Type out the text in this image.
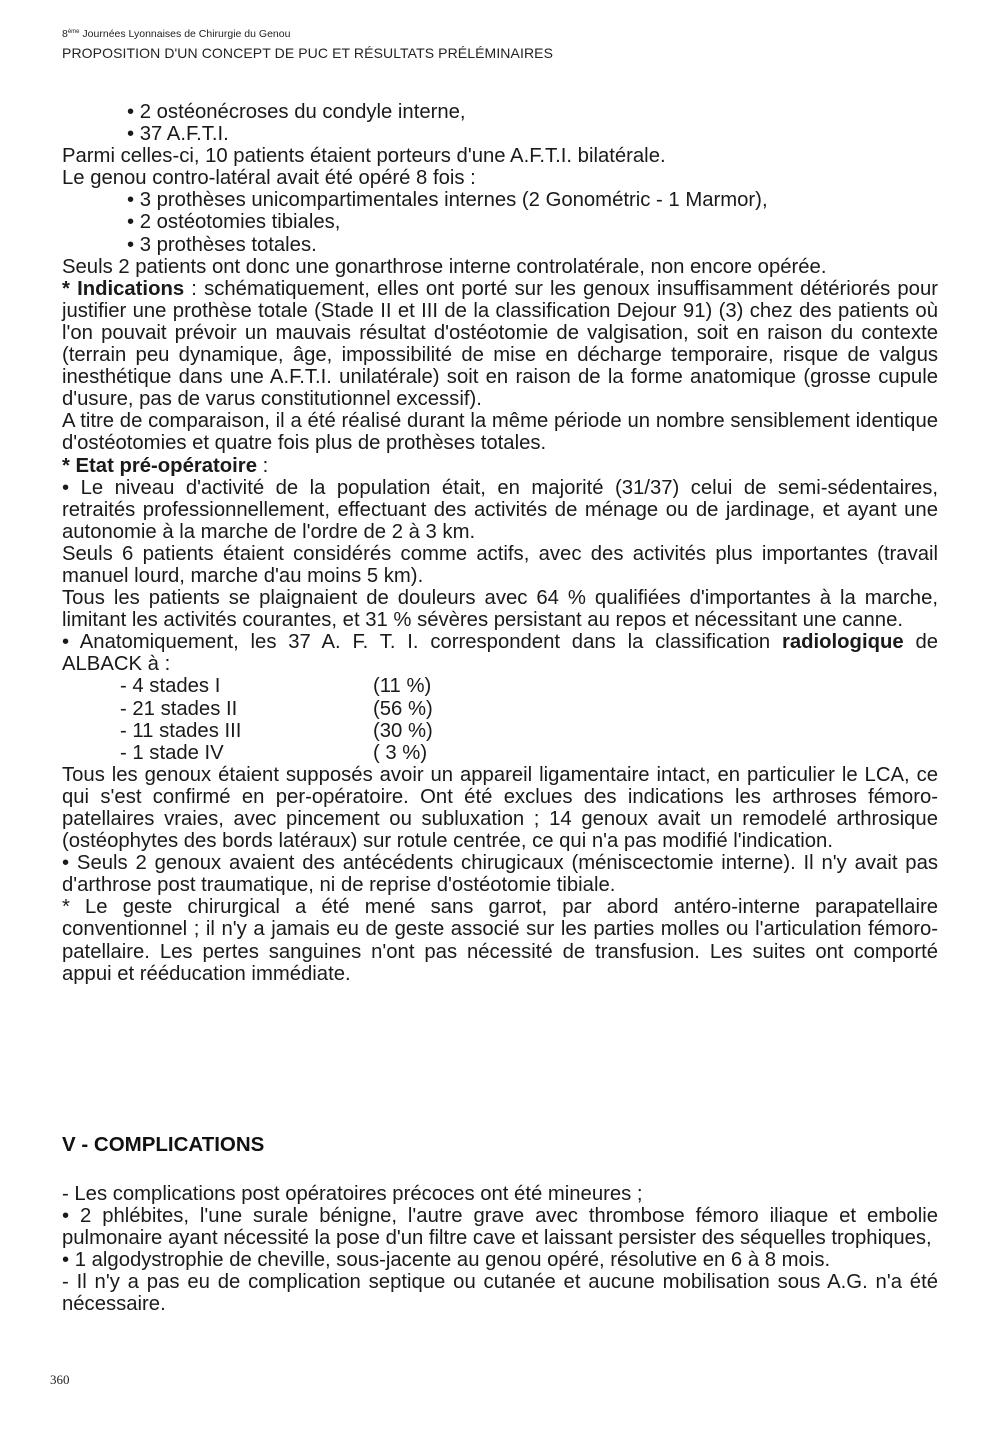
8ème Journées Lyonnaises de Chirurgie du Genou
PROPOSITION D'UN CONCEPT DE PUC ET RÉSULTATS PRÉLÉMINAIRES

• 2 ostéonécroses du condyle interne,

• 37 A.F.T.I.

Parmi celles-ci, 10 patients étaient porteurs d'une A.F.T.I. bilatérale.

Le genou contro-latéral avait été opéré 8 fois :

• 3 prothèses unicompartimentales internes (2 Gonométric - 1 Marmor),

• 2 ostéotomies tibiales,

• 3 prothèses totales.

Seuls 2 patients ont donc une gonarthrose interne controlatérale, non encore opérée.

* Indications : schématiquement, elles ont porté sur les genoux insuffisamment détériorés pour justifier une prothèse totale (Stade II et III de la classification Dejour 91) (3) chez des patients où l'on pouvait prévoir un mauvais résultat d'ostéotomie de valgisation, soit en raison du contexte (terrain peu dynamique, âge, impossibilité de mise en décharge temporaire, risque de valgus inesthétique dans une A.F.T.I. unilatérale) soit en raison de la forme anatomique (grosse cupule d'usure, pas de varus constitutionnel excessif).

A titre de comparaison, il a été réalisé durant la même période un nombre sensiblement identique d'ostéotomies et quatre fois plus de prothèses totales.

* Etat pré-opératoire :

• Le niveau d'activité de la population était, en majorité (31/37) celui de semi-sédentaires, retraités professionnellement, effectuant des activités de ménage ou de jardinage, et ayant une autonomie à la marche de l'ordre de 2 à 3 km.

Seuls 6 patients étaient considérés comme actifs, avec des activités plus importantes (travail manuel lourd, marche d'au moins 5 km).

Tous les patients se plaignaient de douleurs avec 64 % qualifiées d'importantes à la marche, limitant les activités courantes, et 31 % sévères persistant au repos et nécessitant une canne.

• Anatomiquement, les 37 A. F. T. I. correspondent dans la classification radiologique de ALBACK à :

- 4 stades I	(11 %)
- 21 stades II	(56 %)
- 11 stades III	(30 %)
- 1 stade IV	( 3 %)

Tous les genoux étaient supposés avoir un appareil ligamentaire intact, en particulier le LCA, ce qui s'est confirmé en per-opératoire. Ont été exclues des indications les arthroses fémoro-patellaires vraies, avec pincement ou subluxation ; 14 genoux avait un remodelé arthrosique (ostéophytes des bords latéraux) sur rotule centrée, ce qui n'a pas modifié l'indication.

• Seuls 2 genoux avaient des antécédents chirugicaux (méniscectomie interne). Il n'y avait pas d'arthrose post traumatique, ni de reprise d'ostéotomie tibiale.

* Le geste chirurgical a été mené sans garrot, par abord antéro-interne parapatellaire conventionnel ; il n'y a jamais eu de geste associé sur les parties molles ou l'articulation fémoro-patellaire. Les pertes sanguines n'ont pas nécessité de transfusion. Les suites ont comporté appui et rééducation immédiate.

V - COMPLICATIONS

- Les complications post opératoires précoces ont été mineures ;

• 2 phlébites, l'une surale bénigne, l'autre grave avec thrombose fémoro iliaque et embolie pulmonaire ayant nécessité la pose d'un filtre cave et laissant persister des séquelles trophiques,

• 1 algodystrophie de cheville, sous-jacente au genou opéré, résolutive en 6 à 8 mois.

- Il n'y a pas eu de complication septique ou cutanée et aucune mobilisation sous A.G. n'a été nécessaire.

360
